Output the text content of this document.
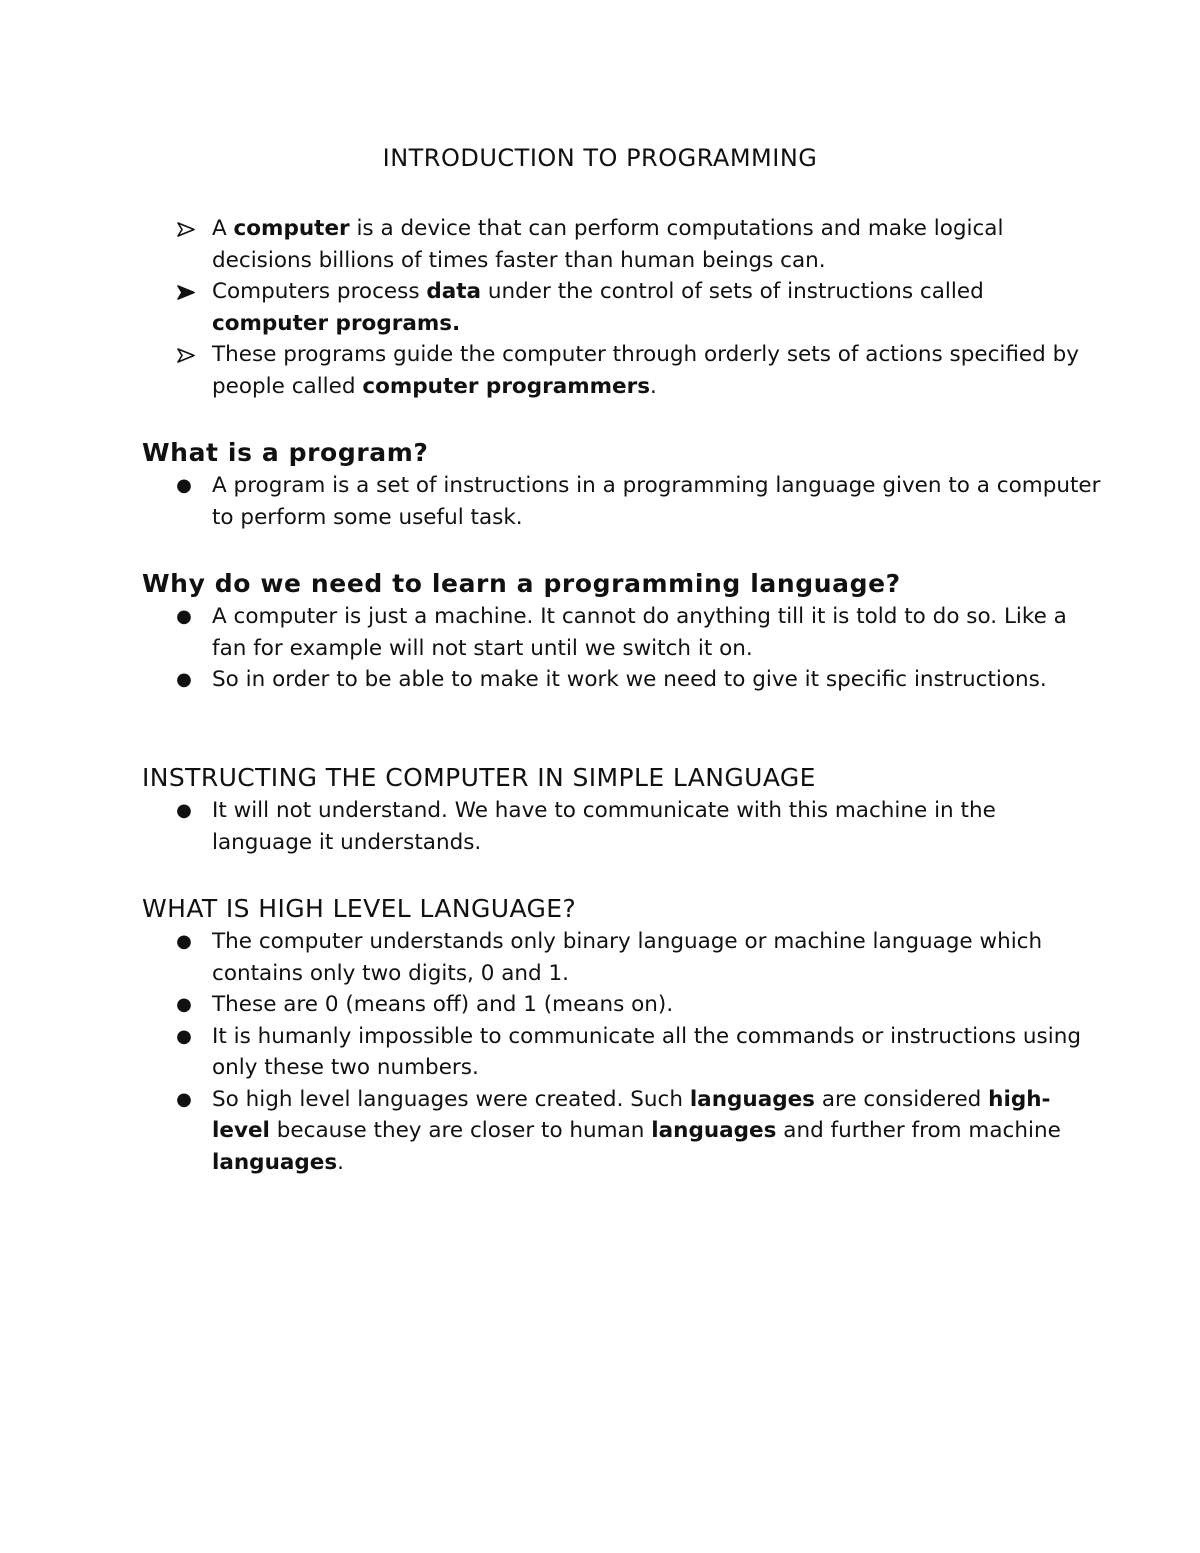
INTRODUCTION TO PROGRAMMING
A computer is a device that can perform computations and make logical decisions billions of times faster than human beings can.
Computers process data under the control of sets of instructions called computer programs.
These programs guide the computer through orderly sets of actions specified by people called computer programmers.
What is a program?
● A program is a set of instructions in a programming language given to a computer to perform some useful task.
Why do we need to learn a programming language?
● A computer is just a machine. It cannot do anything till it is told to do so. Like a fan for example will not start until we switch it on.
● So in order to be able to make it work we need to give it specific instructions.
INSTRUCTING THE COMPUTER IN SIMPLE LANGUAGE
● It will not understand. We have to communicate with this machine in the language it understands.
WHAT IS HIGH LEVEL LANGUAGE?
● The computer understands only binary language or machine language which contains only two digits, 0 and 1.
● These are 0 (means off) and 1 (means on).
● It is humanly impossible to communicate all the commands or instructions using only these two numbers.
● So high level languages were created. Such languages are considered high-level because they are closer to human languages and further from machine languages.
